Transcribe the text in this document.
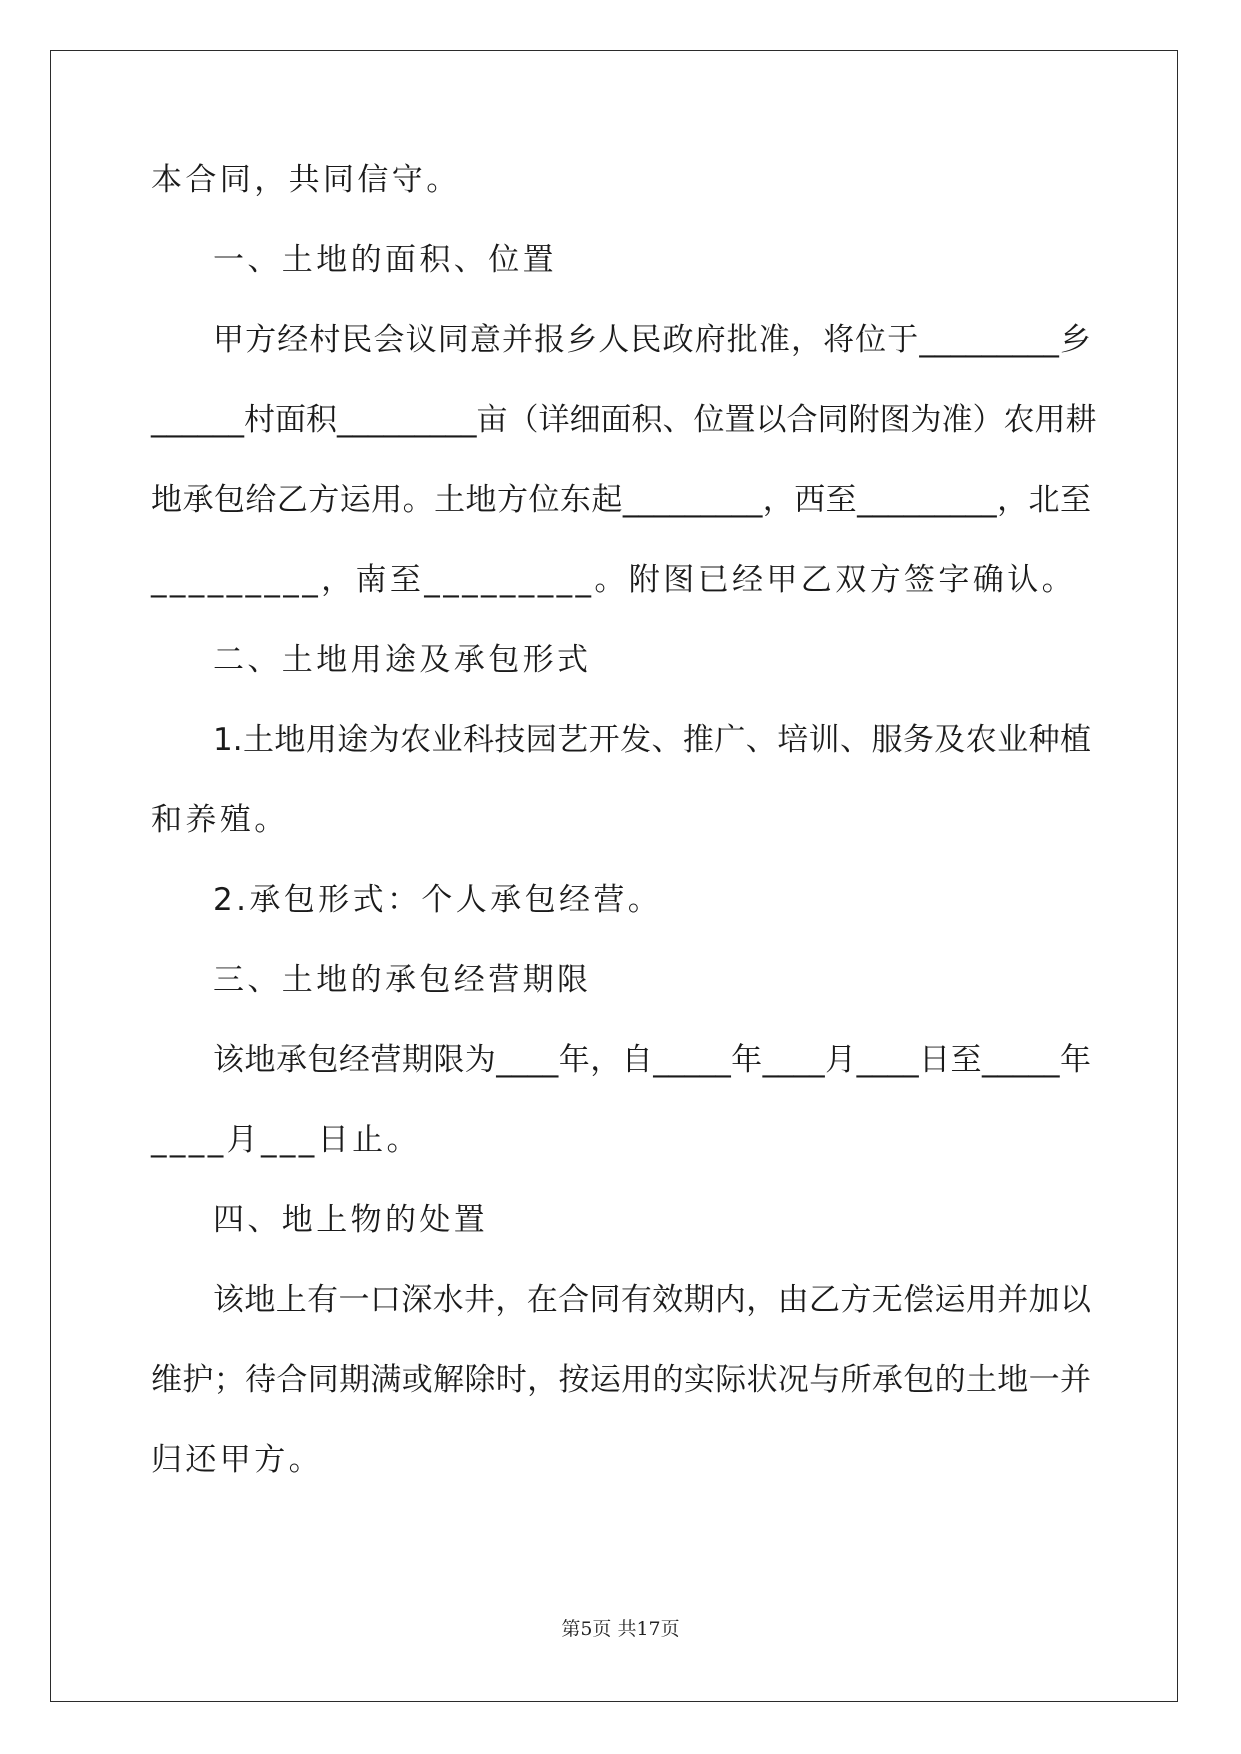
本合同，共同信守。
一、土地的面积、位置
甲方经村民会议同意并报乡人民政府批准，将位于_________乡
______村面积_________亩（详细面积、位置以合同附图为准）农用耕
地承包给乙方运用。土地方位东起_________，西至_________，北至
_________，南至_________。附图已经甲乙双方签字确认。
二、土地用途及承包形式
1.土地用途为农业科技园艺开发、推广、培训、服务及农业种植
和养殖。
2.承包形式：个人承包经营。
三、土地的承包经营期限
该地承包经营期限为____年，自_____年____月____日至_____年
____月___日止。
四、地上物的处置
该地上有一口深水井，在合同有效期内，由乙方无偿运用并加以
维护；待合同期满或解除时，按运用的实际状况与所承包的土地一并
归还甲方。
第5页 共17页
